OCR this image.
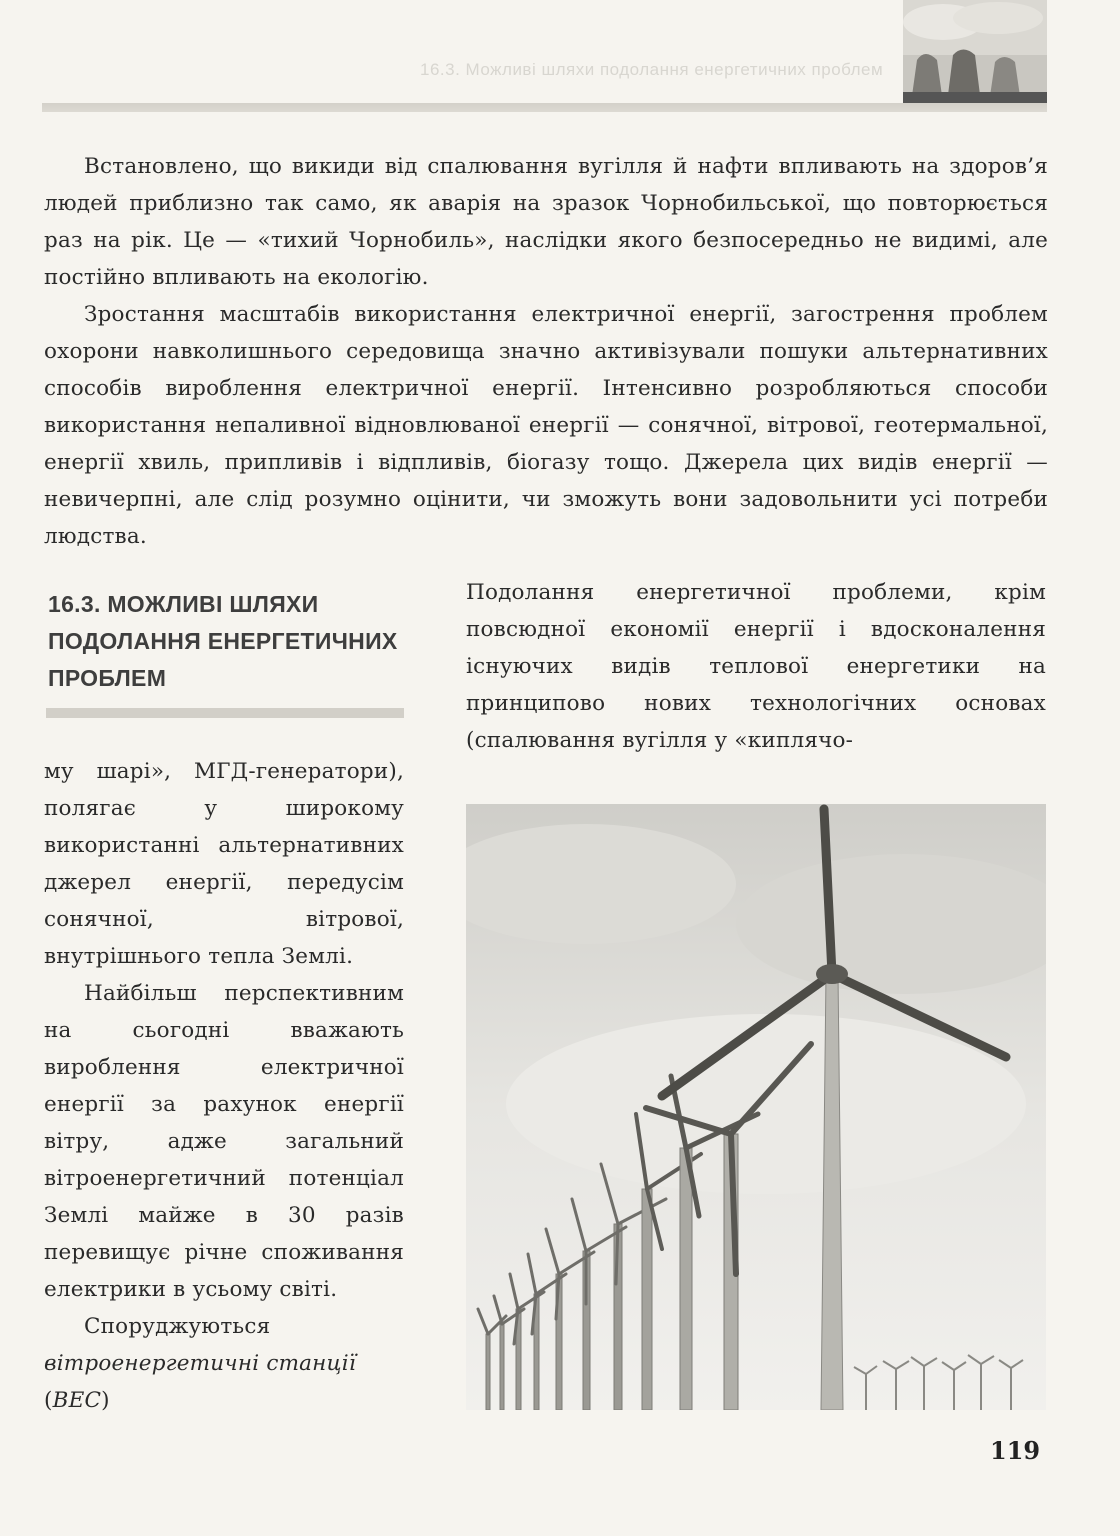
16.3. Можливі шляхи подолання енергетичних проблем

Встановлено, що викиди від спалювання вугілля й нафти впливають на здоров’я людей приблизно так само, як аварія на зразок Чорнобильської, що повторюється раз на рік. Це — «тихий Чорнобиль», наслідки якого безпосередньо не видимі, але постійно впливають на екологію.

Зростання масштабів використання електричної енергії, загострення проблем охорони навколишнього середовища значно активізували пошуки альтернативних способів вироблення електричної енергії. Інтенсивно розробляються способи використання непаливної відновлюваної енергії — сонячної, вітрової, геотермальної, енергії хвиль, припливів і відпливів, біогазу тощо. Джерела цих видів енергії — невичерпні, але слід розумно оцінити, чи зможуть вони задовольнити усі потреби людства.

16.3. МОЖЛИВІ ШЛЯХИ ПОДОЛАННЯ ЕНЕРГЕТИЧНИХ ПРОБЛЕМ

Подолання енергетичної проблеми, крім повсюдної економії енергії і вдосконалення існуючих видів теплової енергетики на принципово нових технологічних основах (спалювання вугілля у «киплячо-

му шарі», МГД-генератори), полягає у широкому використанні альтернативних джерел енергії, передусім сонячної, вітрової, внутрішнього тепла Землі.

Найбільш перспективним на сьогодні вважають вироблення електричної енергії за рахунок енергії вітру, адже загальний вітроенергетичний потенціал Землі майже в 30 разів перевищує річне споживання електрики в усьому світі.

Споруджуються вітроенергетичні станції (ВЕС)

119
